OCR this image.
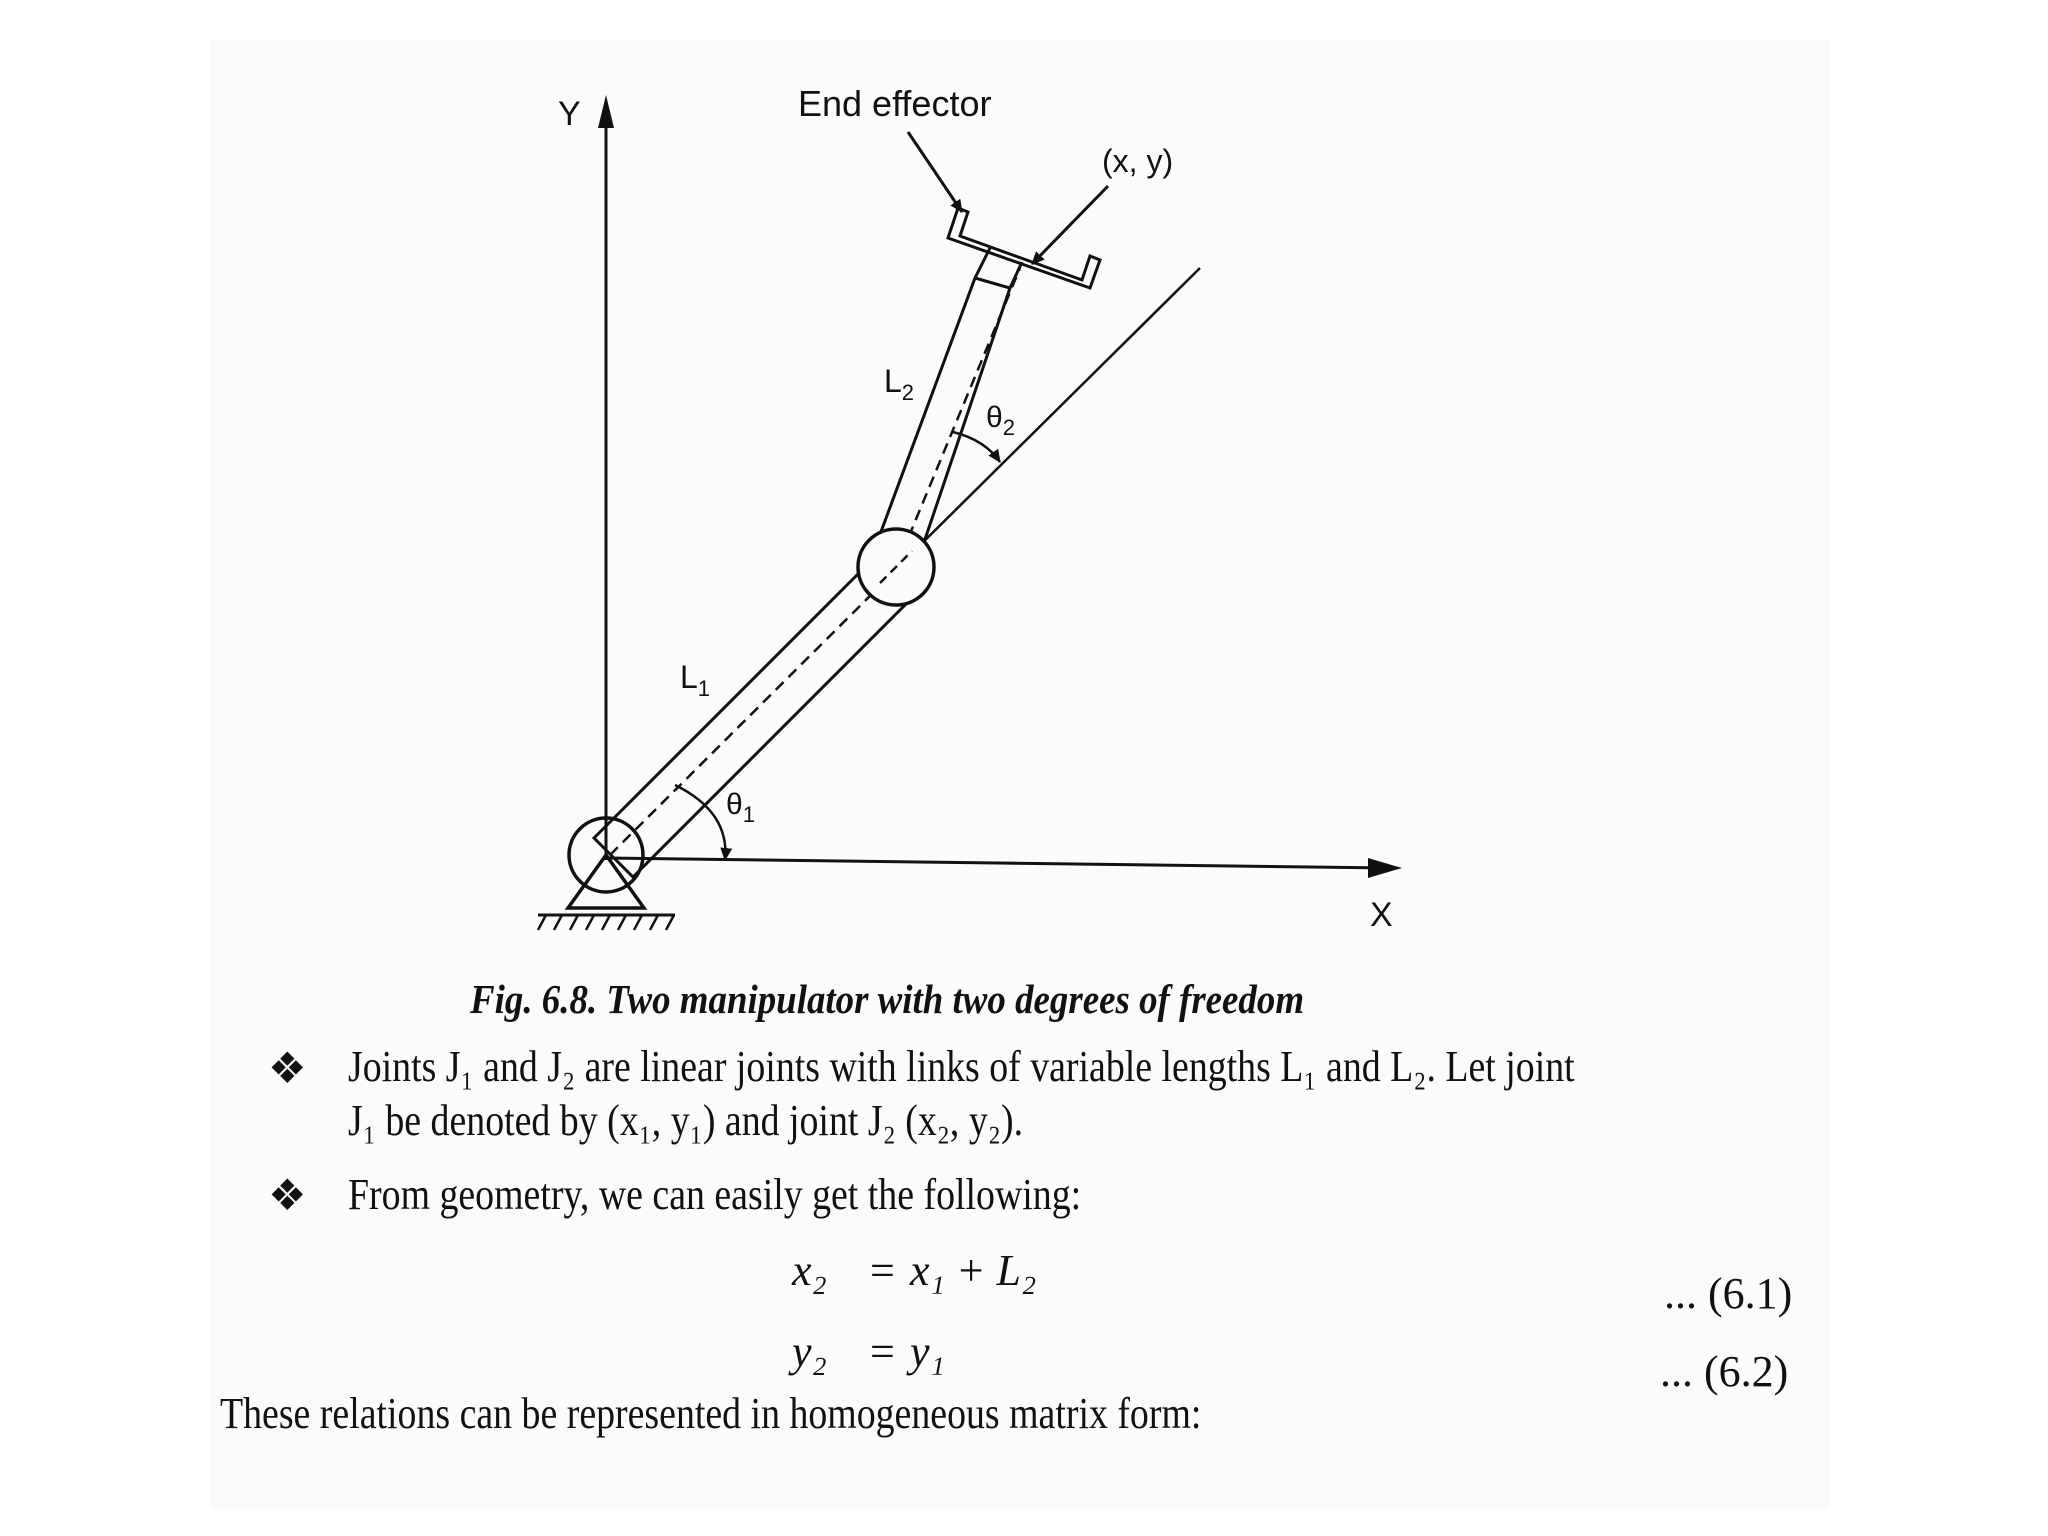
Y
X
$L_1$
$L_2$
End effector
(x, y)
$\theta_1$
$\theta_2$
Fig. 6.8. Two manipulator with two degrees of freedom
❖ Joints J₁ and J₂ are linear joints with links of variable lengths L₁ and L₂. Let joint
J₁ be denoted by (x₁, y₁) and joint J₂ (x₂, y₂).
❖ From geometry, we can easily get the following:
x₂ = x₁ + L₂	... (6.1)
y₂ = y₁	... (6.2)
These relations can be represented in homogeneous matrix form:
